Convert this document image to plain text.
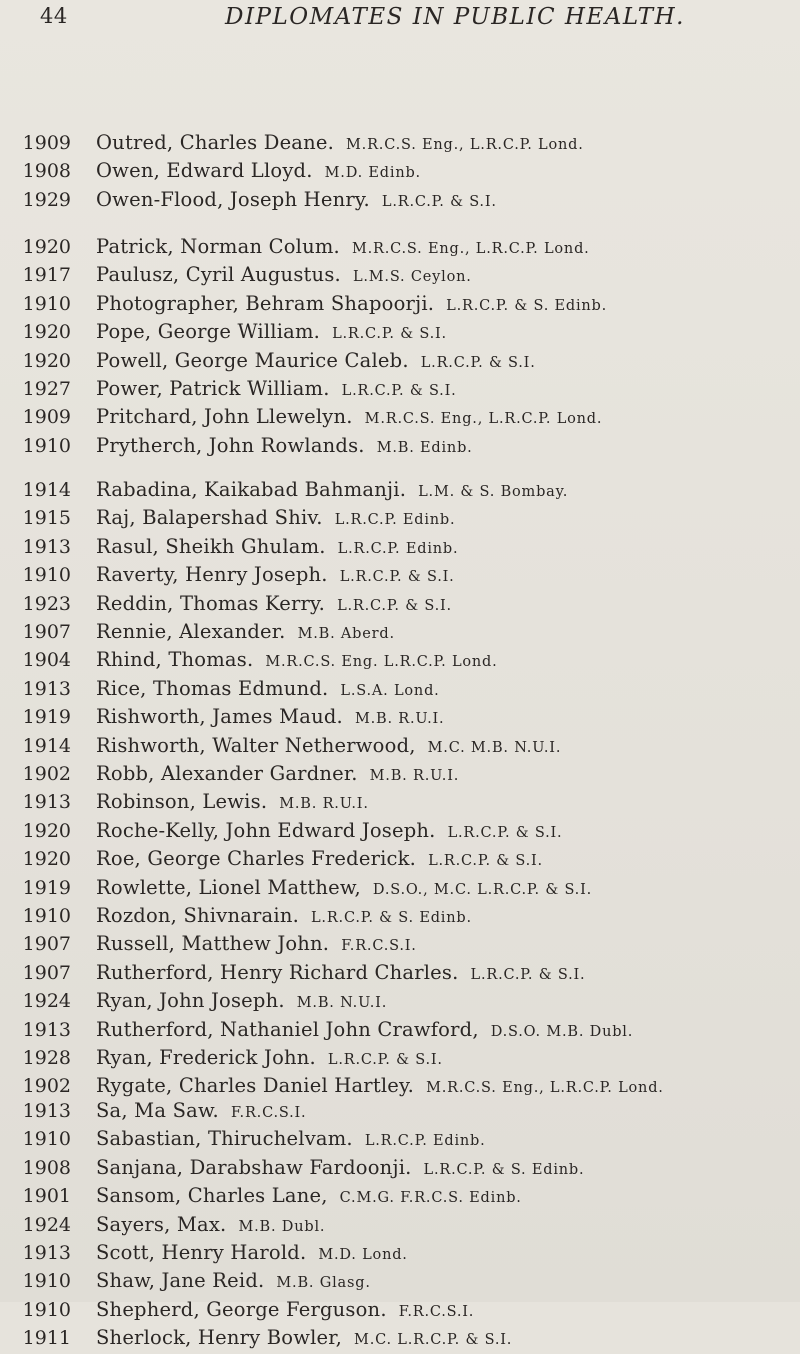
44	DIPLOMATES IN PUBLIC HEALTH.
1909 Outred, Charles Deane. M.R.C.S. Eng., L.R.C.P. Lond.
1908 Owen, Edward Lloyd. M.D. Edinb.
1929 Owen-Flood, Joseph Henry. L.R.C.P. & S.I.
1920 Patrick, Norman Colum. M.R.C.S. Eng., L.R.C.P. Lond.
1917 Paulusz, Cyril Augustus. L.M.S. Ceylon.
1910 Photographer, Behram Shapoorji. L.R.C.P. & S. Edinb.
1920 Pope, George William. L.R.C.P. & S.I.
1920 Powell, George Maurice Caleb. L.R.C.P. & S.I.
1927 Power, Patrick William. L.R.C.P. & S.I.
1909 Pritchard, John Llewelyn. M.R.C.S. Eng., L.R.C.P. Lond.
1910 Prytherch, John Rowlands. M.B. Edinb.
1914 Rabadina, Kaikabad Bahmanji. L.M. & S. Bombay.
1915 Raj, Balapershad Shiv. L.R.C.P. Edinb.
1913 Rasul, Sheikh Ghulam. L.R.C.P. Edinb.
1910 Raverty, Henry Joseph. L.R.C.P. & S.I.
1923 Reddin, Thomas Kerry. L.R.C.P. & S.I.
1907 Rennie, Alexander. M.B. Aberd.
1904 Rhind, Thomas. M.R.C.S. Eng. L.R.C.P. Lond.
1913 Rice, Thomas Edmund. L.S.A. Lond.
1919 Rishworth, James Maud. M.B. R.U.I.
1914 Rishworth, Walter Netherwood, M.C. M.B. N.U.I.
1902 Robb, Alexander Gardner. M.B. R.U.I.
1913 Robinson, Lewis. M.B. R.U.I.
1920 Roche-Kelly, John Edward Joseph. L.R.C.P. & S.I.
1920 Roe, George Charles Frederick. L.R.C.P. & S.I.
1919 Rowlette, Lionel Matthew, D.S.O., M.C. L.R.C.P. & S.I.
1910 Rozdon, Shivnarain. L.R.C.P. & S. Edinb.
1907 Russell, Matthew John. F.R.C.S.I.
1907 Rutherford, Henry Richard Charles. L.R.C.P. & S.I.
1924 Ryan, John Joseph. M.B. N.U.I.
1913 Rutherford, Nathaniel John Crawford, D.S.O. M.B. Dubl.
1928 Ryan, Frederick John. L.R.C.P. & S.I.
1902 Rygate, Charles Daniel Hartley. M.R.C.S. Eng., L.R.C.P. Lond.
1913 Sa, Ma Saw. F.R.C.S.I.
1910 Sabastian, Thiruchelvam. L.R.C.P. Edinb.
1908 Sanjana, Darabshaw Fardoonji. L.R.C.P. & S. Edinb.
1901 Sansom, Charles Lane, C.M.G. F.R.C.S. Edinb.
1924 Sayers, Max. M.B. Dubl.
1913 Scott, Henry Harold. M.D. Lond.
1910 Shaw, Jane Reid. M.B. Glasg.
1910 Shepherd, George Ferguson. F.R.C.S.I.
1911 Sherlock, Henry Bowler, M.C. L.R.C.P. & S.I.
